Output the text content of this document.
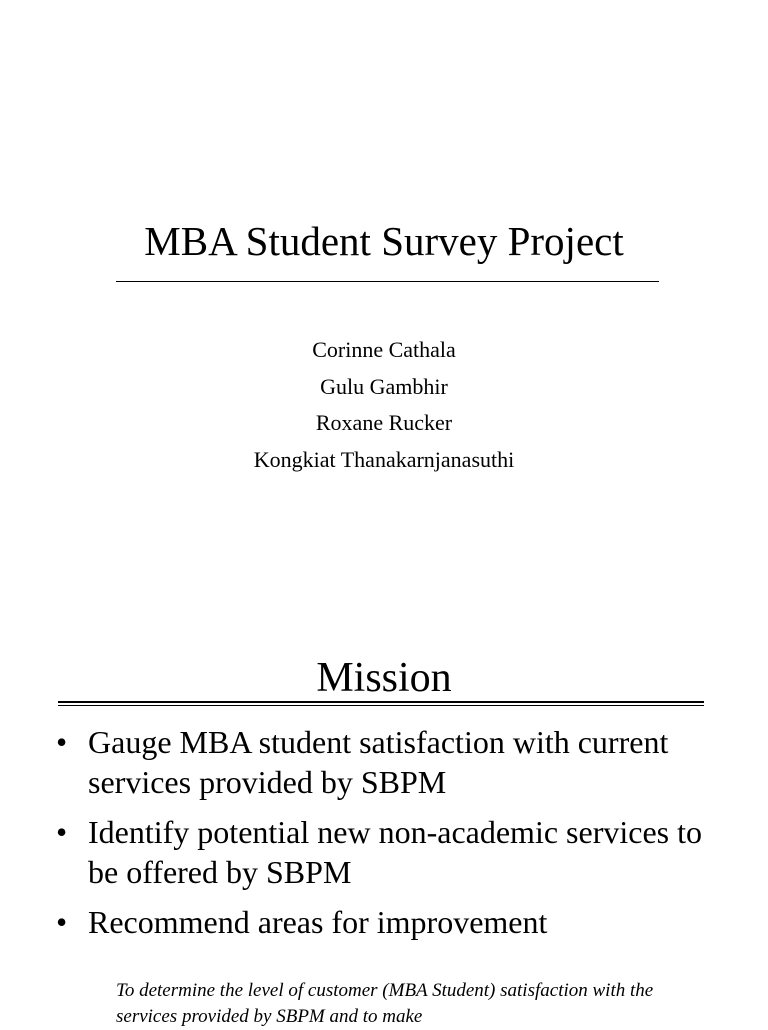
MBA Student Survey Project
Corinne Cathala
Gulu Gambhir
Roxane Rucker
Kongkiat Thanakarnjanasuthi
Mission
• Gauge MBA student satisfaction with current services provided by SBPM
• Identify potential new non-academic services to be offered by SBPM
• Recommend areas for improvement
To determine the level of customer (MBA Student) satisfaction with the services provided by SBPM and to make
